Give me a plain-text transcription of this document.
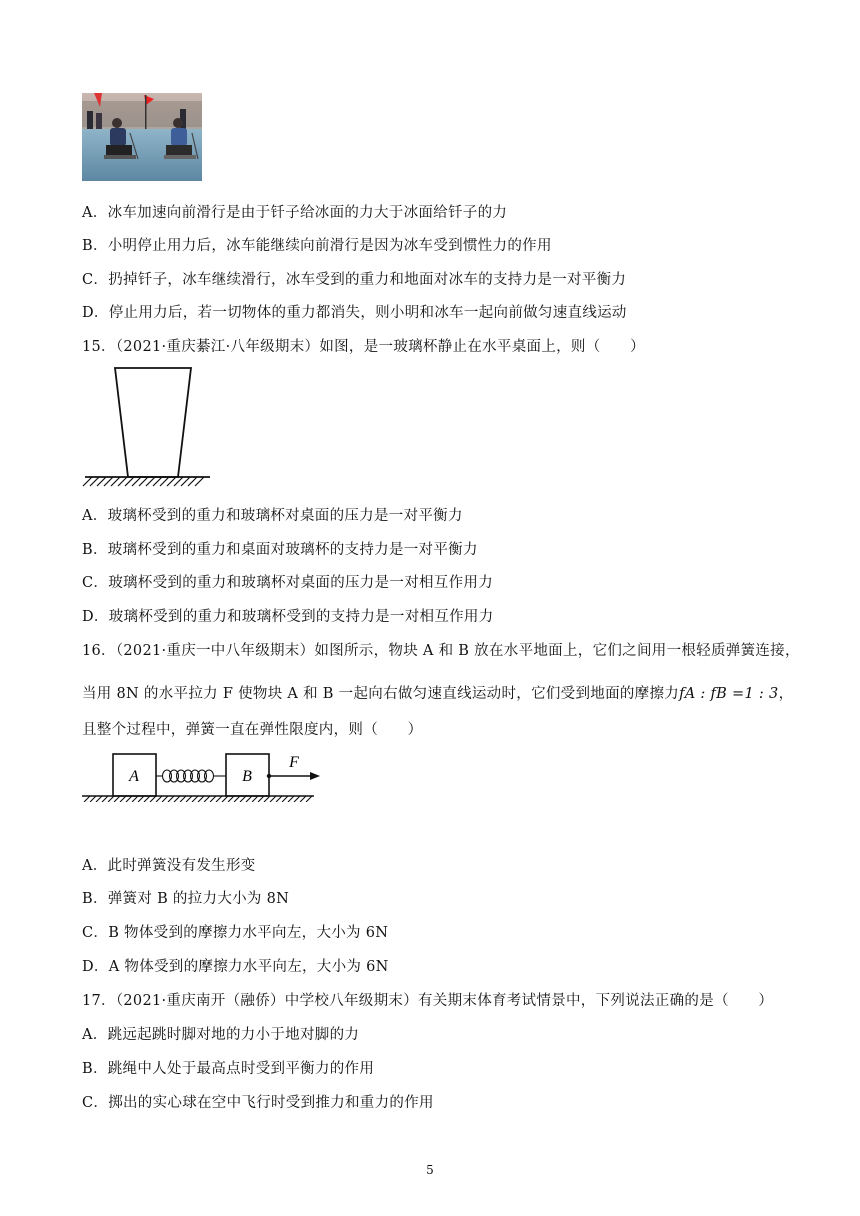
A．冰车加速向前滑行是由于钎子给冰面的力大于冰面给钎子的力
B．小明停止用力后，冰车能继续向前滑行是因为冰车受到惯性力的作用
C．扔掉钎子，冰车继续滑行，冰车受到的重力和地面对冰车的支持力是一对平衡力
D．停止用力后，若一切物体的重力都消失，则小明和冰车一起向前做匀速直线运动
15．（2021·重庆綦江·八年级期末）如图，是一玻璃杯静止在水平桌面上，则（　　）
A．玻璃杯受到的重力和玻璃杯对桌面的压力是一对平衡力
B．玻璃杯受到的重力和桌面对玻璃杯的支持力是一对平衡力
C．玻璃杯受到的重力和玻璃杯对桌面的压力是一对相互作用力
D．玻璃杯受到的重力和玻璃杯受到的支持力是一对相互作用力
16．（2021·重庆一中八年级期末）如图所示，物块 A 和 B 放在水平地面上，它们之间用一根轻质弹簧连接，
当用 8N 的水平拉力 F 使物块 A 和 B 一起向右做匀速直线运动时，它们受到地面的摩擦力fA : fB =1 : 3，
且整个过程中，弹簧一直在弹性限度内，则（　　）
A	B
F
A．此时弹簧没有发生形变
B．弹簧对 B 的拉力大小为 8N
C．B 物体受到的摩擦力水平向左，大小为 6N
D．A 物体受到的摩擦力水平向左，大小为 6N
17．（2021·重庆南开（融侨）中学校八年级期末）有关期末体育考试情景中，下列说法正确的是（　　）
A．跳远起跳时脚对地的力小于地对脚的力
B．跳绳中人处于最高点时受到平衡力的作用
C．掷出的实心球在空中飞行时受到推力和重力的作用
5
